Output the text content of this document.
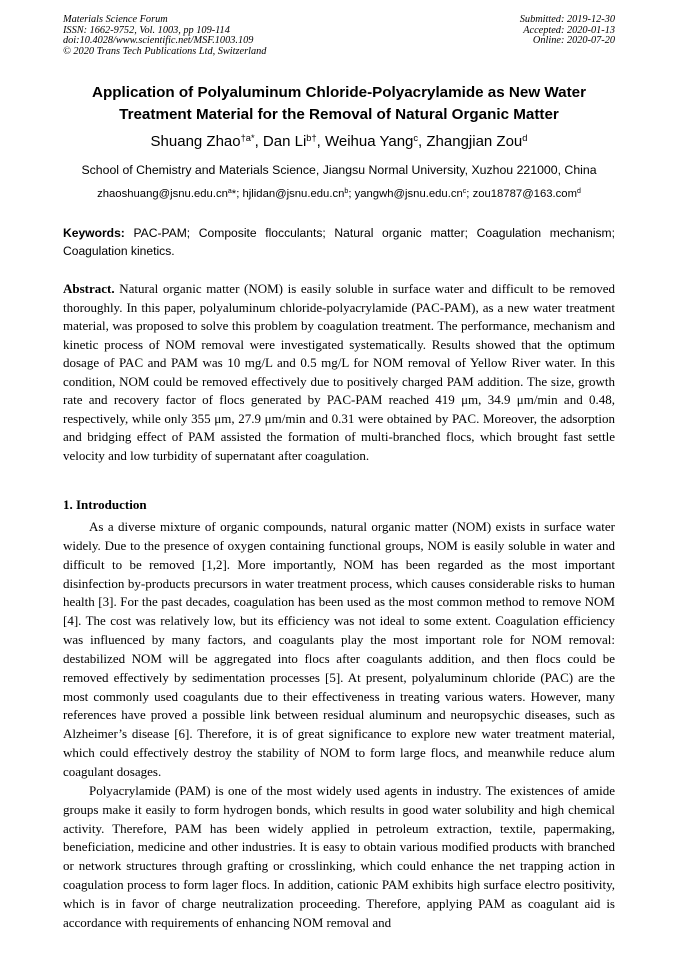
Materials Science Forum
ISSN: 1662-9752, Vol. 1003, pp 109-114
doi:10.4028/www.scientific.net/MSF.1003.109
© 2020 Trans Tech Publications Ltd, Switzerland
Submitted: 2019-12-30
Accepted: 2020-01-13
Online: 2020-07-20
Application of Polyaluminum Chloride-Polyacrylamide as New Water
Treatment Material for the Removal of Natural Organic Matter
Shuang Zhao$^{\dagger a*}$, Dan $Li^{b\dagger}$, Weihua Yang$^c$, Zhangjian Zou$^d$
School of Chemistry and Materials Science, Jiangsu Normal University, Xuzhou 221000, China
$zhaoshuang@jsnu.edu.cn^a*$; $hjlidan@jsnu.edu.cn^b$; $yangwh@jsnu.edu.cn^c$; zou18787@163.com$^d$
Keywords: PAC-PAM; Composite flocculants; Natural organic matter; Coagulation mechanism; Coagulation kinetics.
Abstract. Natural organic matter (NOM) is easily soluble in surface water and difficult to be removed thoroughly. In this paper, polyaluminum chloride-polyacrylamide (PAC-PAM), as a new water treatment material, was proposed to solve this problem by coagulation treatment. The performance, mechanism and kinetic process of NOM removal were investigated systematically. Results showed that the optimum dosage of PAC and PAM was 10 mg/L and 0.5 mg/L for NOM removal of Yellow River water. In this condition, NOM could be removed effectively due to positively charged PAM addition. The size, growth rate and recovery factor of flocs generated by PAC-PAM reached 419 μm, 34.9 μm/min and 0.48, respectively, while only 355 μm, 27.9 μm/min and 0.31 were obtained by PAC. Moreover, the adsorption and bridging effect of PAM assisted the formation of multi-branched flocs, which brought fast settle velocity and low turbidity of supernatant after coagulation.
1. Introduction

As a diverse mixture of organic compounds, natural organic matter (NOM) exists in surface water widely. Due to the presence of oxygen containing functional groups, NOM is easily soluble in water and difficult to be removed [1,2]. More importantly, NOM has been regarded as the most important disinfection by-products precursors in water treatment process, which causes considerable risks to human health [3]. For the past decades, coagulation has been used as the most common method to remove NOM [4]. The cost was relatively low, but its efficiency was not ideal to some extent. Coagulation efficiency was influenced by many factors, and coagulants play the most important role for NOM removal: destabilized NOM will be aggregated into flocs after coagulants addition, and then flocs could be removed effectively by sedimentation processes [5]. At present, polyaluminum chloride (PAC) are the most commonly used coagulants due to their effectiveness in treating various waters. However, many references have proved a possible link between residual aluminum and neuropsychic diseases, such as Alzheimer’s disease [6]. Therefore, it is of great significance to explore new water treatment material, which could effectively destroy the stability of NOM to form large flocs, and meanwhile reduce alum coagulant dosages.

Polyacrylamide (PAM) is one of the most widely used agents in industry. The existences of amide groups make it easily to form hydrogen bonds, which results in good water solubility and high chemical activity. Therefore, PAM has been widely applied in petroleum extraction, textile, papermaking, beneficiation, medicine and other industries. It is easy to obtain various modified products with branched or network structures through grafting or crosslinking, which could enhance the net trapping action in coagulation process to form lager flocs. In addition, cationic PAM exhibits high surface electro positivity, which is in favor of charge neutralization proceeding. Therefore, applying PAM as coagulant aid is accordance with requirements of enhancing NOM removal and
